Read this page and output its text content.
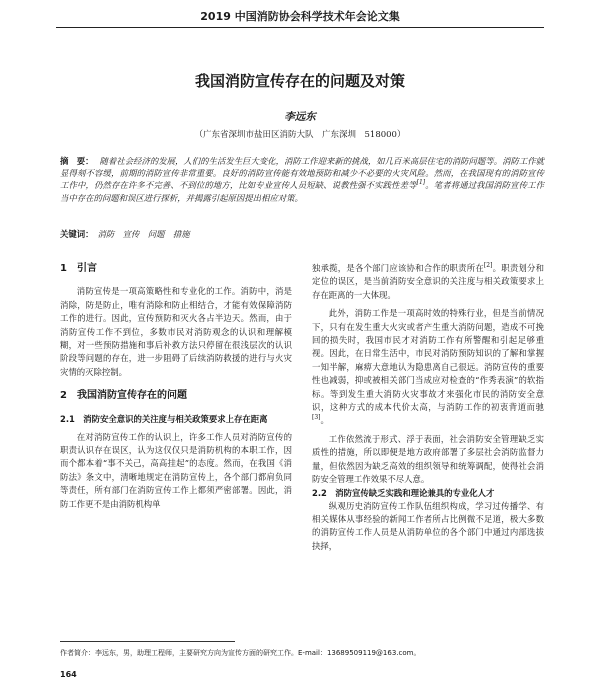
2019 中国消防协会科学技术年会论文集
我国消防宣传存在的问题及对策
李远东
（广东省深圳市盐田区消防大队　广东深圳　518000）
摘　要： 随着社会经济的发展，人们的生活发生巨大变化，消防工作迎来新的挑战，如几百米高层住宅的消防问题等。消防工作就显得刻不容缓，前期的消防宣传非常重要。良好的消防宣传能有效地预防和减少不必要的火灾风险。然而，在我国现有的消防宣传工作中，仍然存在许多不完善、不到位的地方，比如专业宣传人员短缺、说教性强不实践性差等[1]。笔者将通过我国消防宣传工作当中存在的问题和误区进行探析，并揭露引起原因提出相应对策。
关键词： 消防　宣传　问题　措施
1　引言

消防宣传是一项高策略性和专业化的工作。消防中，消是消除，防是防止，唯有消除和防止相结合，才能有效保障消防工作的进行。因此，宣传预防和灭火各占半边天。然而，由于消防宣传工作不到位，多数市民对消防观念的认识和理解模糊，对一些预防措施和事后补救方法只停留在很浅层次的认识阶段等问题的存在，进一步阻碍了后续消防救援的进行与火灾灾情的灭除控制。

2　我国消防宣传存在的问题
2.1　消防安全意识的关注度与相关政策要求上存在距离

在对消防宣传工作的认识上，许多工作人员对消防宣传的职责认识存在误区，认为这仅仅只是消防机构的本职工作，因而个都本着“事不关己，高高挂起”的态度。然而，在我国《消防法》条文中，清晰地规定在消防宣传上，各个部门都肩负同等责任，所有部门在消防宣传工作上都须严密部署。因此，消防工作更不是由消防机构单

独承揽，是各个部门应该协和合作的职责所在[2]。职责划分和定位的误区，是当前消防安全意识的关注度与相关政策要求上存在距离的一大体现。

此外，消防工作是一项高时效的特殊行业，但是当前情况下，只有在发生重大火灾或者产生重大消防问题，造成不可挽回的损失时，我国市民才对消防工作有所警醒和引起足够重视。因此，在日常生活中，市民对消防预防知识的了解和掌握一知半解，麻痹大意地认为隐患离自己很远。消防宣传的重要性也减弱，抑或被相关部门当成应对检查的“作秀表演”的软指标。等到发生重大消防火灾事故才来强化市民的消防安全意识，这种方式的成本代价太高，与消防工作的初衷背道而驰[3]。

工作依然流于形式、浮于表面，社会消防安全管理缺乏实质性的措施，所以即便是地方政府部署了多层社会消防监督力量，但依然因为缺乏高效的组织领导和统筹调配，使得社会消防安全管理工作效果不尽人意。

2.2　消防宣传缺乏实践和理论兼具的专业化人才

纵观历史消防宣传工作队伍组织构成，学习过传播学、有相关媒体从事经验的新闻工作者所占比例微不足道，极大多数的消防宣传工作人员是从消防单位的各个部门中通过内部选拔抉择，

作者简介：李远东，男，助理工程师，主要研究方向为宣传方面的研究工作。E-mail：13689509119@163.com。
164
